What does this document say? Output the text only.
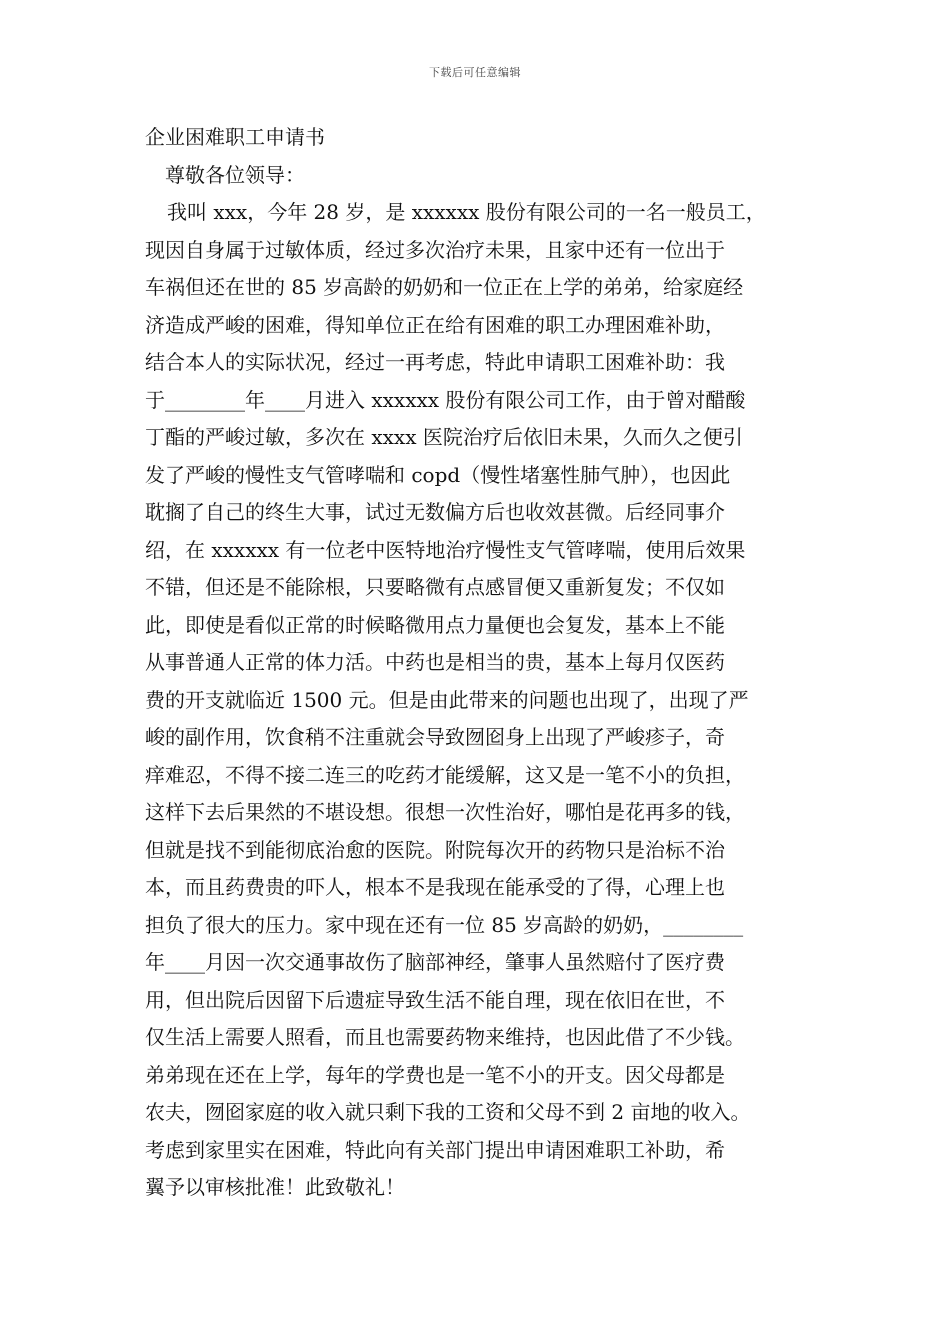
下载后可任意编辑
企业困难职工申请书
尊敬各位领导：
我叫 xxx，今年 28 岁，是 xxxxxx 股份有限公司的一名一般员工，
现因自身属于过敏体质，经过多次治疗未果，且家中还有一位出于
车祸但还在世的 85 岁高龄的奶奶和一位正在上学的弟弟，给家庭经
济造成严峻的困难，得知单位正在给有困难的职工办理困难补助，
结合本人的实际状况，经过一再考虑，特此申请职工困难补助：我
于________年____月进入 xxxxxx 股份有限公司工作，由于曾对醋酸
丁酯的严峻过敏，多次在 xxxx 医院治疗后依旧未果，久而久之便引
发了严峻的慢性支气管哮喘和 copd（慢性堵塞性肺气肿），也因此
耽搁了自己的终生大事，试过无数偏方后也收效甚微。后经同事介
绍，在 xxxxxx 有一位老中医特地治疗慢性支气管哮喘，使用后效果
不错，但还是不能除根，只要略微有点感冒便又重新复发；不仅如
此，即使是看似正常的时候略微用点力量便也会复发，基本上不能
从事普通人正常的体力活。中药也是相当的贵，基本上每月仅医药
费的开支就临近 1500 元。但是由此带来的问题也出现了，出现了严
峻的副作用，饮食稍不注重就会导致囫囵身上出现了严峻疹子，奇
痒难忍，不得不接二连三的吃药才能缓解，这又是一笔不小的负担，
这样下去后果然的不堪设想。很想一次性治好，哪怕是花再多的钱，
但就是找不到能彻底治愈的医院。附院每次开的药物只是治标不治
本，而且药费贵的吓人，根本不是我现在能承受的了得，心理上也
担负了很大的压力。家中现在还有一位 85 岁高龄的奶奶，________
年____月因一次交通事故伤了脑部神经，肇事人虽然赔付了医疗费
用，但出院后因留下后遗症导致生活不能自理，现在依旧在世，不
仅生活上需要人照看，而且也需要药物来维持，也因此借了不少钱。
弟弟现在还在上学，每年的学费也是一笔不小的开支。因父母都是
农夫，囫囵家庭的收入就只剩下我的工资和父母不到 2 亩地的收入。
考虑到家里实在困难，特此向有关部门提出申请困难职工补助，希
翼予以审核批准！此致敬礼！
